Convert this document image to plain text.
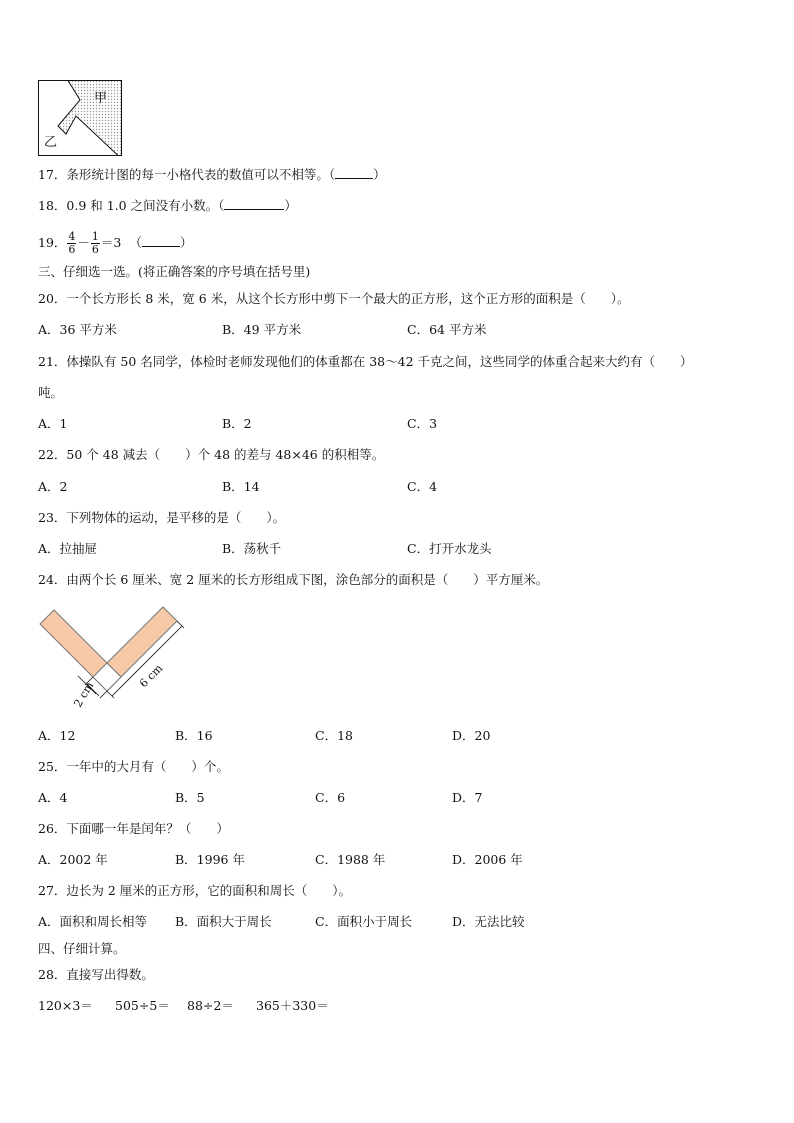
甲
乙
17．条形统计图的每一小格代表的数值可以不相等。（	）
18．0.9 和 1.0 之间没有小数。（	）
19． $\frac{4}{6} - \frac{1}{6} =3$ （	）
三、仔细选一选。(将正确答案的序号填在括号里)
20．一个长方形长 8 米，宽 6 米，从这个长方形中剪下一个最大的正方形，这个正方形的面积是（　　）。
A．36 平方米	B．49 平方米	C．64 平方米
21．体操队有 50 名同学，体检时老师发现他们的体重都在 38～42 千克之间，这些同学的体重合起来大约有（　　）
吨。
A．1	B．2	C．3
22．50 个 48 减去（　　）个 48 的差与 48×46 的积相等。
A．2	B．14	C．4
23．下列物体的运动，是平移的是（　　）。
A．拉抽屉	B．荡秋千	C．打开水龙头
24．由两个长 6 厘米、宽 2 厘米的长方形组成下图，涂色部分的面积是（　　）平方厘米。
2 cm
6 cm
A．12	B．16	C．18	D．20
25．一年中的大月有（　　）个。
A．4	B．5	C．6	D．7
26．下面哪一年是闰年？（　　）
A．2002 年	B．1996 年	C．1988 年	D．2006 年
27．边长为 2 厘米的正方形，它的面积和周长（　　）。
A．面积和周长相等 B．面积大于周长	C．面积小于周长	D．无法比较
四、仔细计算。
28．直接写出得数。
120×3＝ 505÷5＝ 88÷2＝ 365＋330＝
